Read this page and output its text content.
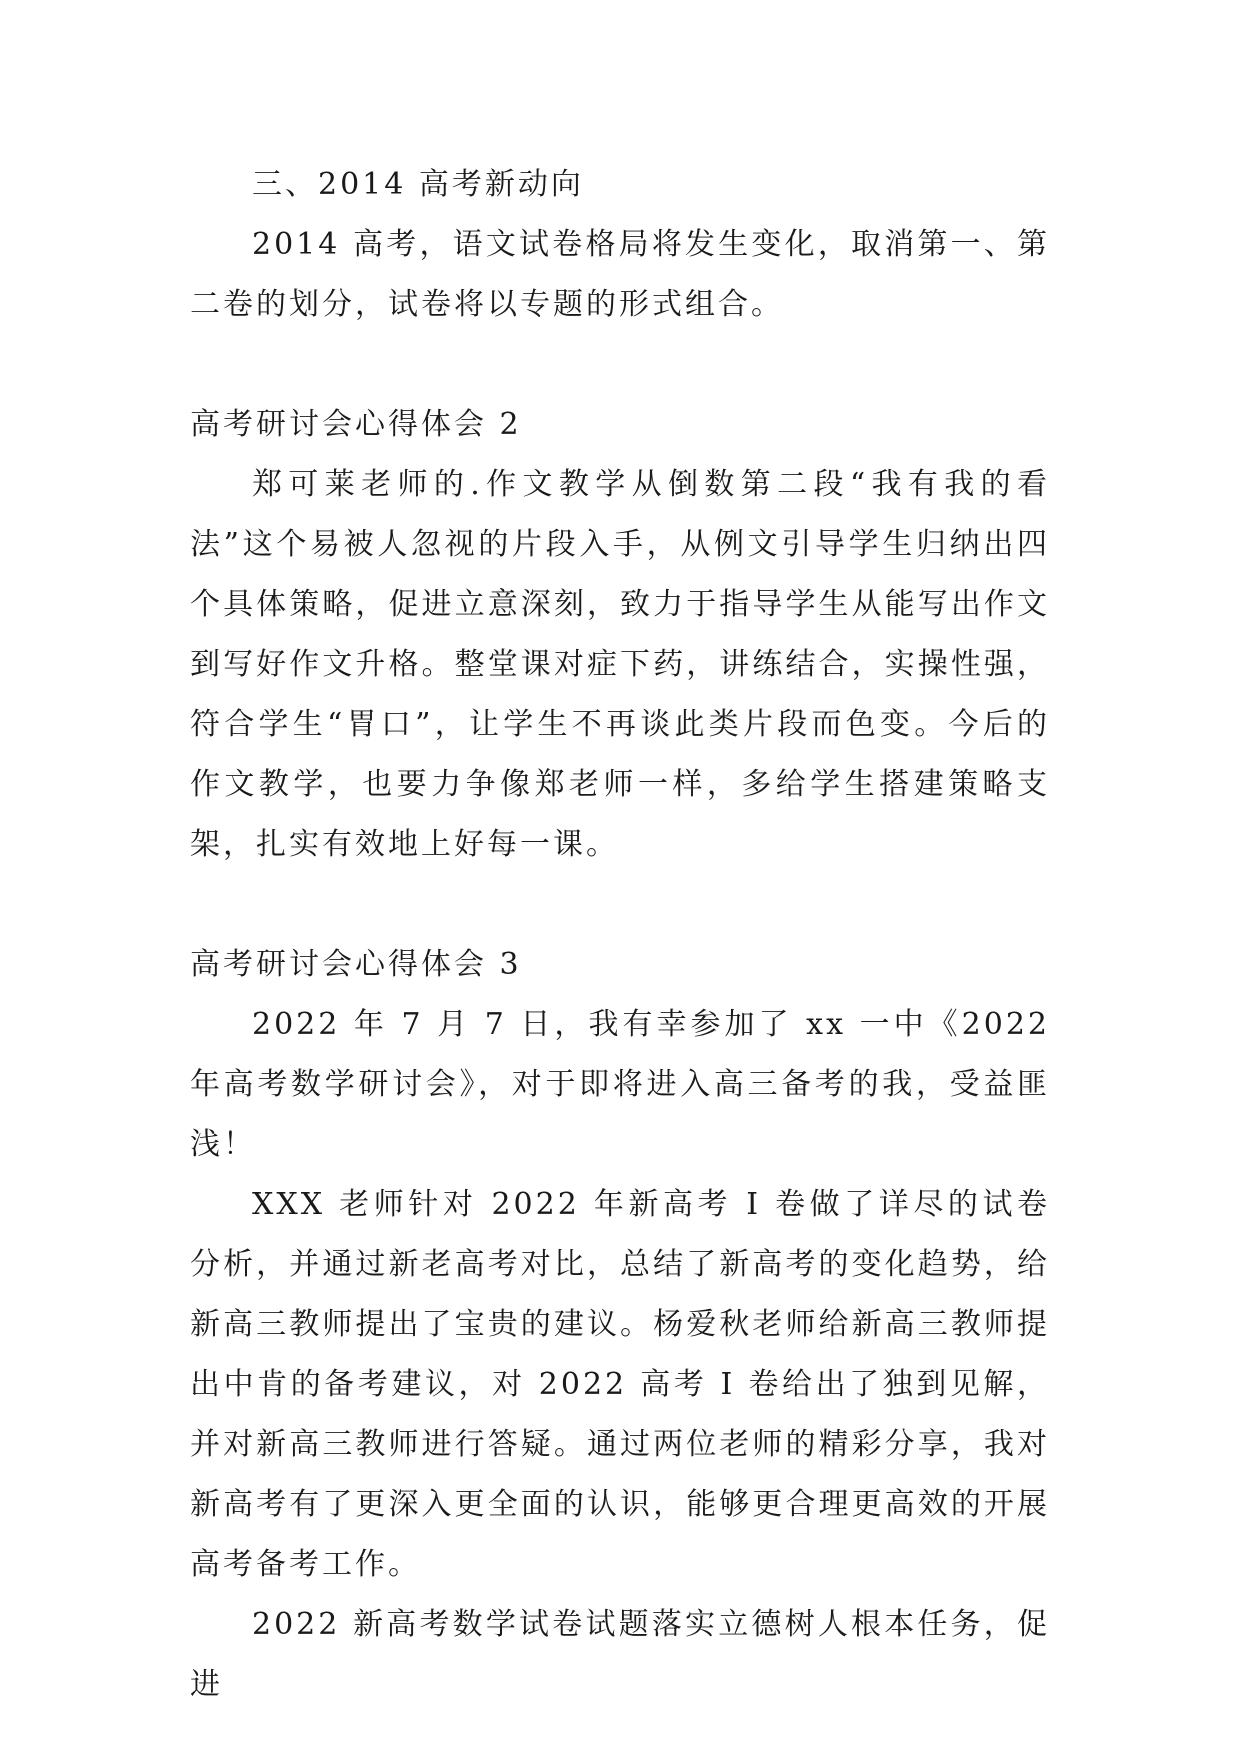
三、2014 高考新动向

2014 高考，语文试卷格局将发生变化，取消第一、第二卷的划分，试卷将以专题的形式组合。

高考研讨会心得体会 2

郑可莱老师的.作文教学从倒数第二段“我有我的看法”这个易被人忽视的片段入手，从例文引导学生归纳出四个具体策略，促进立意深刻，致力于指导学生从能写出作文到写好作文升格。整堂课对症下药，讲练结合，实操性强，符合学生“胃口”，让学生不再谈此类片段而色变。今后的作文教学，也要力争像郑老师一样，多给学生搭建策略支架，扎实有效地上好每一课。

高考研讨会心得体会 3

2022 年 7 月 7 日，我有幸参加了 xx 一中《2022 年高考数学研讨会》，对于即将进入高三备考的我，受益匪浅！

XXX 老师针对 2022 年新高考 I 卷做了详尽的试卷分析，并通过新老高考对比，总结了新高考的变化趋势，给新高三教师提出了宝贵的建议。杨爱秋老师给新高三教师提出中肯的备考建议，对 2022 高考 I 卷给出了独到见解，并对新高三教师进行答疑。通过两位老师的精彩分享，我对新高考有了更深入更全面的认识，能够更合理更高效的开展高考备考工作。

2022 新高考数学试卷试题落实立德树人根本任务，促进
